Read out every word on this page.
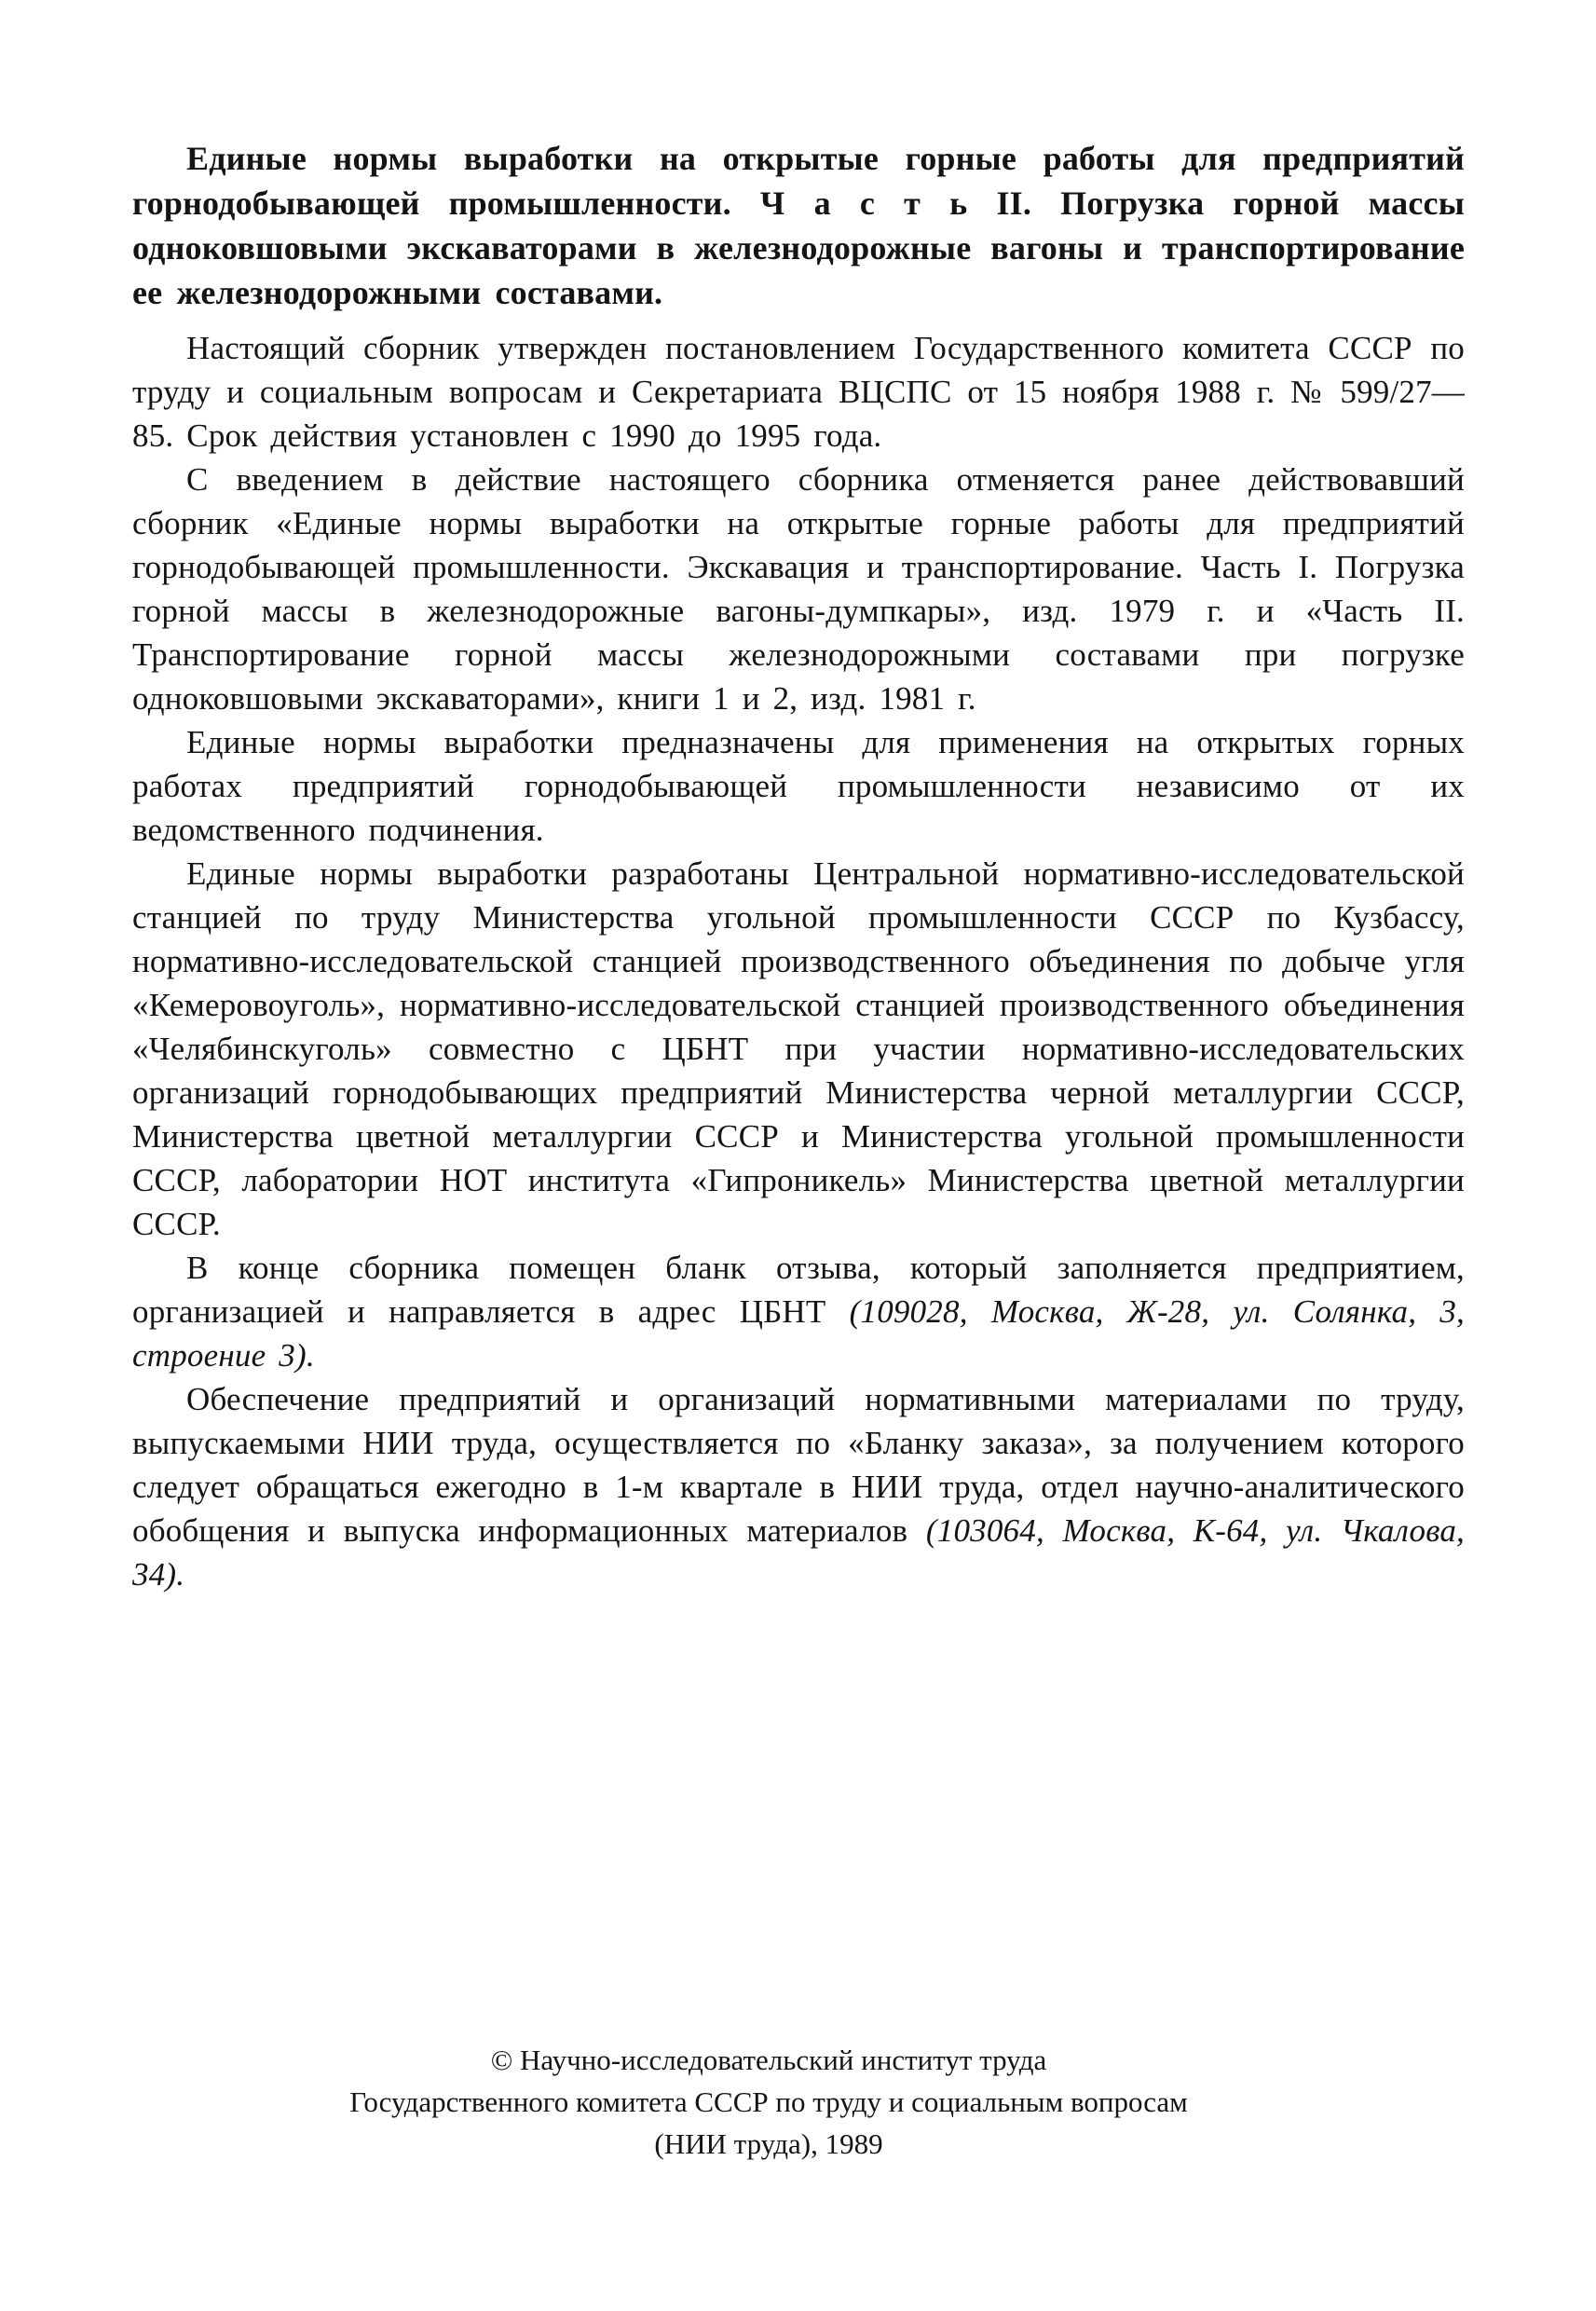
Единые нормы выработки на открытые горные работы для предприятий горнодобывающей промышленности. Ч а с т ь II. Погрузка горной массы одноковшовыми экскаваторами в железнодорожные вагоны и транспортирование ее железнодорожными составами.

Настоящий сборник утвержден постановлением Государственного комитета СССР по труду и социальным вопросам и Секретариата ВЦСПС от 15 ноября 1988 г. № 599/27—85. Срок действия установлен с 1990 до 1995 года.

С введением в действие настоящего сборника отменяется ранее действовавший сборник «Единые нормы выработки на открытые горные работы для предприятий горнодобывающей промышленности. Экскавация и транспортирование. Часть I. Погрузка горной массы в железнодорожные вагоны-думпкары», изд. 1979 г. и «Часть II. Транспортирование горной массы железнодорожными составами при погрузке одноковшовыми экскаваторами», книги 1 и 2, изд. 1981 г.

Единые нормы выработки предназначены для применения на открытых горных работах предприятий горнодобывающей промышленности независимо от их ведомственного подчинения.

Единые нормы выработки разработаны Центральной нормативно-исследовательской станцией по труду Министерства угольной промышленности СССР по Кузбассу, нормативно-исследовательской станцией производственного объединения по добыче угля «Кемеровоуголь», нормативно-исследовательской станцией производственного объединения «Челябинскуголь» совместно с ЦБНТ при участии нормативно-исследовательских организаций горнодобывающих предприятий Министерства черной металлургии СССР, Министерства цветной металлургии СССР и Министерства угольной промышленности СССР, лаборатории НОТ института «Гипроникель» Министерства цветной металлургии СССР.

В конце сборника помещен бланк отзыва, который заполняется предприятием, организацией и направляется в адрес ЦБНТ (109028, Москва, Ж-28, ул. Солянка, 3, строение 3).

Обеспечение предприятий и организаций нормативными материалами по труду, выпускаемыми НИИ труда, осуществляется по «Бланку заказа», за получением которого следует обращаться ежегодно в 1-м квартале в НИИ труда, отдел научно-аналитического обобщения и выпуска информационных материалов (103064, Москва, К-64, ул. Чкалова, 34).

© Научно-исследовательский институт труда
Государственного комитета СССР по труду и социальным вопросам
(НИИ труда), 1989
